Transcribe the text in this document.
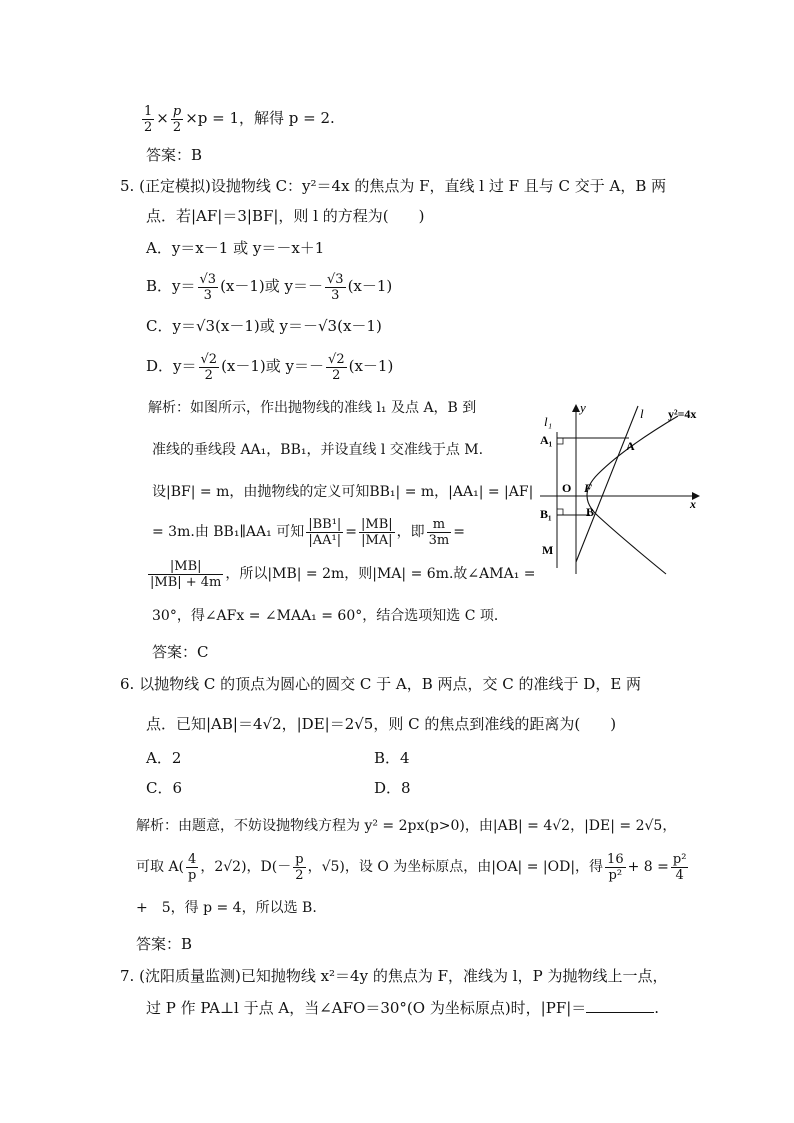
$\frac{1}{2} \times \frac{p}{2} \times p = 1$，解得 p = 2.
答案：B
5. (正定模拟)设抛物线 C：y²＝4x 的焦点为 F，直线 l 过 F 且与 C 交于 A，B 两
点．若|AF|＝3|BF|，则 l 的方程为(　　)
A．y＝x－1 或 y＝－x＋1
B．$y= \frac{√3}{3} (x-1)$或 $y=- \frac{√3}{3} (x-1)$
C．y＝√3(x－1)或 y＝－√3(x－1)
D．$y= \frac{√2}{2} (x-1)$或 $y=- \frac{√2}{2} (x-1)$
解析：如图所示，作出抛物线的准线 l₁ 及点 A，B 到
准线的垂线段 AA₁，BB₁，并设直线 l 交准线于点 M.
设|BF| = m，由抛物线的定义可知BB₁| = m，|AA₁| = |AF|
= 3m.由 BB₁∥AA₁ 可知 $\frac{\text{|BB¹|}}{\text{|AA¹|}} = \frac{|MB|}{|MA|}$ ，即 $\frac{m}{3m}$ =
$\frac{|MB|}{|MB| + 4m}$ ，所以|MB| = 2m，则|MA| = 6m.故∠AMA₁ =
30°，得∠AFx = ∠MAA₁ = 60°，结合选项知选 C 项．
答案：C
l₁
y	l y²=4x
A₁	A
O F
x
B₁	B
M
6. 以抛物线 C 的顶点为圆心的圆交 C 于 A，B 两点，交 C 的准线于 D，E 两
点．已知|AB|＝4√2，|DE|＝2√5，则 C 的焦点到准线的距离为(　　)
A．2	B．4
C．6	D．8
解析：由题意，不妨设抛物线方程为 y² = 2px(p>0)，由|AB| = 4√2，|DE| = 2√5，
可取 $A( \frac{4}{p}$ ，2√2)，$D(- \frac{p}{2}$ ，√5)，设 O 为坐标原点，由|OA| = |OD|，得 $\frac{16}{\text{p²}} + 8 = \frac{\text{p²}}{4}$
+　5，得 p = 4，所以选 B.
答案：B
7. (沈阳质量监测)已知抛物线 x²＝4y 的焦点为 F，准线为 l，P 为抛物线上一点，
过 P 作 PA⊥l 于点 A，当∠AFO＝30°(O 为坐标原点)时，|PF|＝	.
